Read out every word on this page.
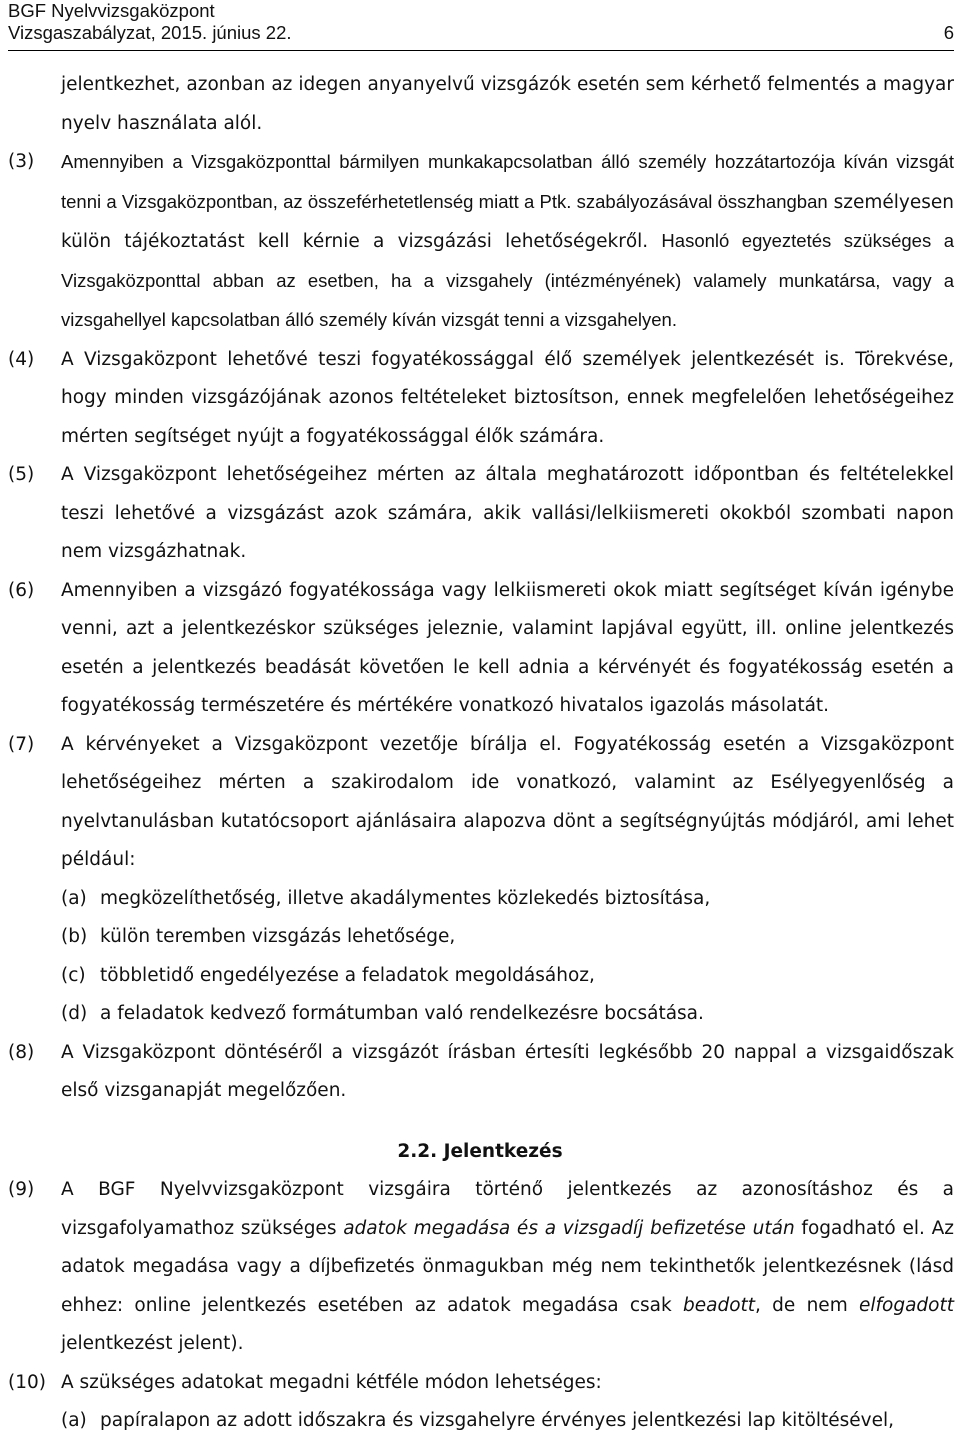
BGF Nyelvvizsgaközpont
Vizsgaszabályzat, 2015. június 22.	6
jelentkezhet, azonban az idegen anyanyelvű vizsgázók esetén sem kérhető felmentés a magyar nyelv használata alól.
(3) Amennyiben a Vizsgaközponttal bármilyen munkakapcsolatban álló személy hozzátartozója kíván vizsgát tenni a Vizsgaközpontban, az összeférhetetlenség miatt a Ptk. szabályozásával összhangban személyesen külön tájékoztatást kell kérnie a vizsgázási lehetőségekről. Hasonló egyeztetés szükséges a Vizsgaközponttal abban az esetben, ha a vizsgahely (intézményének) valamely munkatársa, vagy a vizsgahellyel kapcsolatban álló személy kíván vizsgát tenni a vizsgahelyen.
(4) A Vizsgaközpont lehetővé teszi fogyatékossággal élő személyek jelentkezését is. Törekvése, hogy minden vizsgázójának azonos feltételeket biztosítson, ennek megfelelően lehetőségeihez mérten segítséget nyújt a fogyatékossággal élők számára.
(5) A Vizsgaközpont lehetőségeihez mérten az általa meghatározott időpontban és feltételekkel teszi lehetővé a vizsgázást azok számára, akik vallási/lelkiismereti okokból szombati napon nem vizsgázhatnak.
(6) Amennyiben a vizsgázó fogyatékossága vagy lelkiismereti okok miatt segítséget kíván igénybe venni, azt a jelentkezéskor szükséges jeleznie, valamint lapjával együtt, ill. online jelentkezés esetén a jelentkezés beadását követően le kell adnia a kérvényét és fogyatékosság esetén a fogyatékosság természetére és mértékére vonatkozó hivatalos igazolás másolatát.
(7) A kérvényeket a Vizsgaközpont vezetője bírálja el. Fogyatékosság esetén a Vizsgaközpont lehetőségeihez mérten a szakirodalom ide vonatkozó, valamint az Esélyegyenlőség a nyelvtanulásban kutatócsoport ajánlásaira alapozva dönt a segítségnyújtás módjáról, ami lehet például:
(a) megközelíthetőség, illetve akadálymentes közlekedés biztosítása,
(b) külön teremben vizsgázás lehetősége,
(c) többletidő engedélyezése a feladatok megoldásához,
(d) a feladatok kedvező formátumban való rendelkezésre bocsátása.
(8) A Vizsgaközpont döntéséről a vizsgázót írásban értesíti legkésőbb 20 nappal a vizsgaidőszak első vizsganapját megelőzően.
2.2. Jelentkezés
(9) A BGF Nyelvvizsgaközpont vizsgáira történő jelentkezés az azonosításhoz és a vizsgafolyamathoz szükséges adatok megadása és a vizsgadíj befizetése után fogadható el. Az adatok megadása vagy a díjbefizetés önmagukban még nem tekinthetők jelentkezésnek (lásd ehhez: online jelentkezés esetében az adatok megadása csak beadott, de nem elfogadott jelentkezést jelent).
(10) A szükséges adatokat megadni kétféle módon lehetséges:
(a) papíralapon az adott időszakra és vizsgahelyre érvényes jelentkezési lap kitöltésével,
